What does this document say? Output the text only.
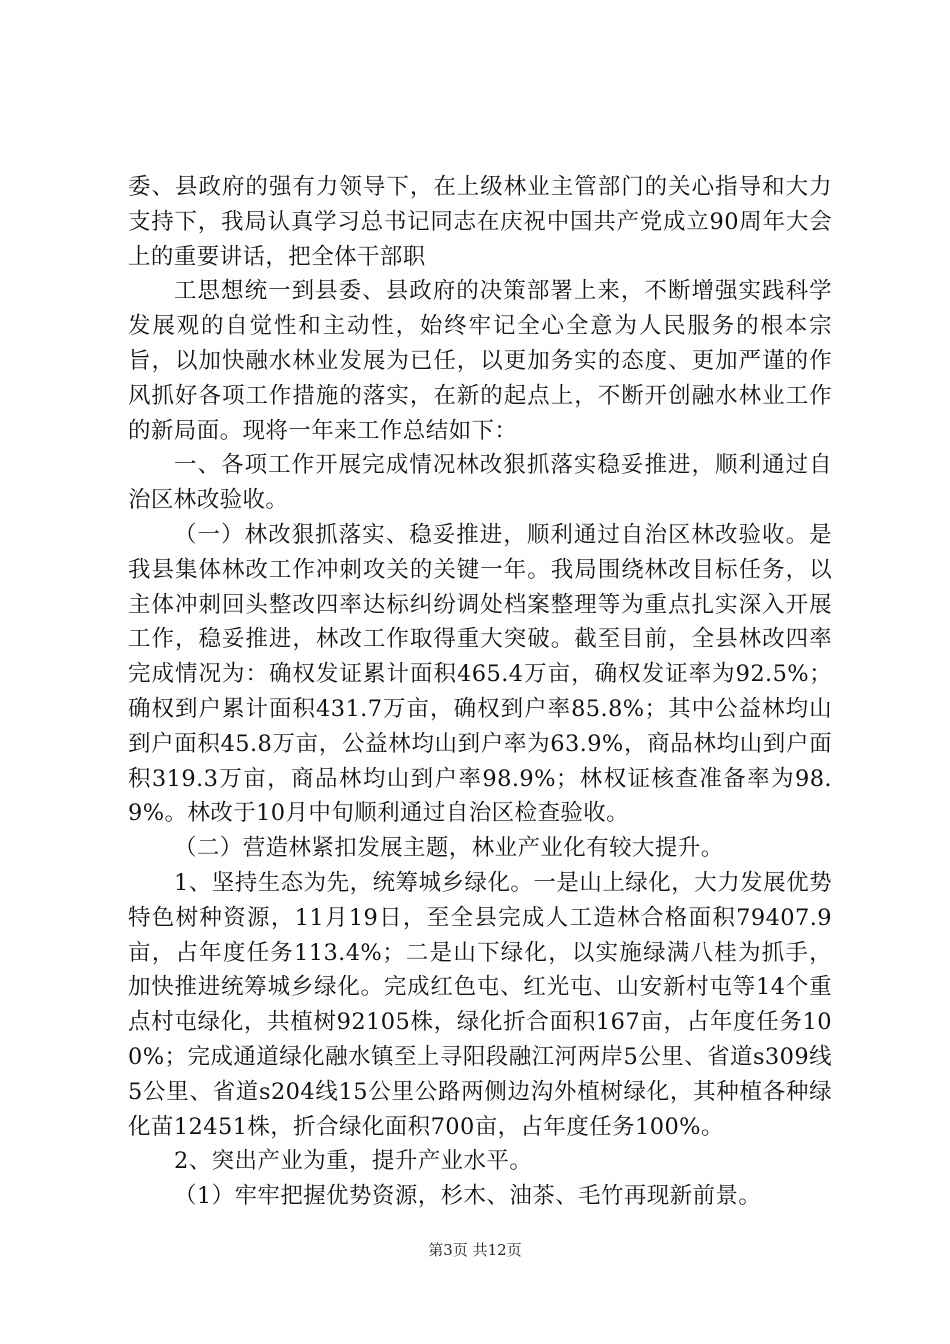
委、县政府的强有力领导下，在上级林业主管部门的关心指导和大力支持下，我局认真学习总书记同志在庆祝中国共产党成立90周年大会上的重要讲话，把全体干部职

工思想统一到县委、县政府的决策部署上来，不断增强实践科学发展观的自觉性和主动性，始终牢记全心全意为人民服务的根本宗旨，以加快融水林业发展为已任，以更加务实的态度、更加严谨的作风抓好各项工作措施的落实，在新的起点上，不断开创融水林业工作的新局面。现将一年来工作总结如下：

一、各项工作开展完成情况林改狠抓落实稳妥推进，顺利通过自治区林改验收。

（一）林改狠抓落实、稳妥推进，顺利通过自治区林改验收。是我县集体林改工作冲刺攻关的关键一年。我局围绕林改目标任务，以主体冲刺回头整改四率达标纠纷调处档案整理等为重点扎实深入开展工作，稳妥推进，林改工作取得重大突破。截至目前，全县林改四率完成情况为：确权发证累计面积465.4万亩，确权发证率为92.5%；确权到户累计面积431.7万亩，确权到户率85.8%；其中公益林均山到户面积45.8万亩，公益林均山到户率为63.9%，商品林均山到户面积319.3万亩，商品林均山到户率98.9%；林权证核查准备率为98.9%。林改于10月中旬顺利通过自治区检查验收。

（二）营造林紧扣发展主题，林业产业化有较大提升。

1、坚持生态为先，统筹城乡绿化。一是山上绿化，大力发展优势特色树种资源，11月19日，至全县完成人工造林合格面积79407.9亩，占年度任务113.4%；二是山下绿化，以实施绿满八桂为抓手，加快推进统筹城乡绿化。完成红色屯、红光屯、山安新村屯等14个重点村屯绿化，共植树92105株，绿化折合面积167亩，占年度任务100%；完成通道绿化融水镇至上寻阳段融江河两岸5公里、省道s309线5公里、省道s204线15公里公路两侧边沟外植树绿化，其种植各种绿化苗12451株，折合绿化面积700亩，占年度任务100%。

2、突出产业为重，提升产业水平。

（1）牢牢把握优势资源，杉木、油茶、毛竹再现新前景。

第3页 共12页
